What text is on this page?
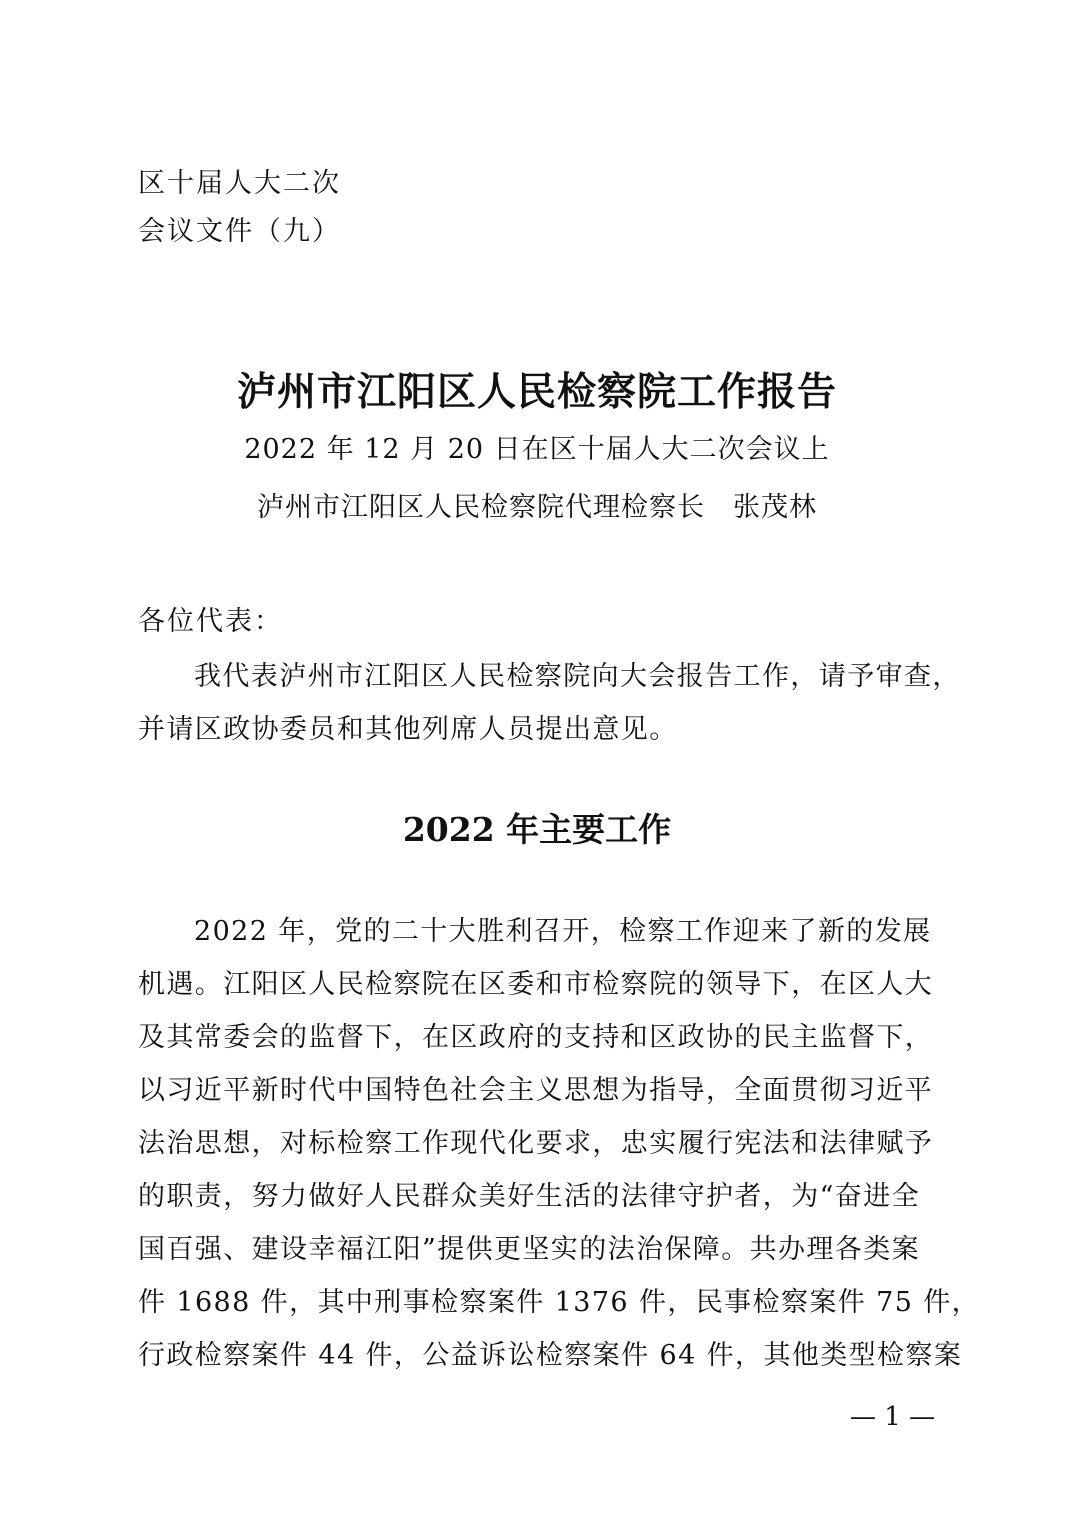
区十届人大二次
会议文件（九）
泸州市江阳区人民检察院工作报告
2022 年 12 月 20 日在区十届人大二次会议上
泸州市江阳区人民检察院代理检察长　张茂林
各位代表：
我代表泸州市江阳区人民检察院向大会报告工作，请予审查，
并请区政协委员和其他列席人员提出意见。
2022 年主要工作
2022 年，党的二十大胜利召开，检察工作迎来了新的发展
机遇。江阳区人民检察院在区委和市检察院的领导下，在区人大
及其常委会的监督下，在区政府的支持和区政协的民主监督下，
以习近平新时代中国特色社会主义思想为指导，全面贯彻习近平
法治思想，对标检察工作现代化要求，忠实履行宪法和法律赋予
的职责，努力做好人民群众美好生活的法律守护者，为“奋进全
国百强、建设幸福江阳”提供更坚实的法治保障。共办理各类案
件 1688 件，其中刑事检察案件 1376 件，民事检察案件 75 件，
行政检察案件 44 件，公益诉讼检察案件 64 件，其他类型检察案
— 1 —
